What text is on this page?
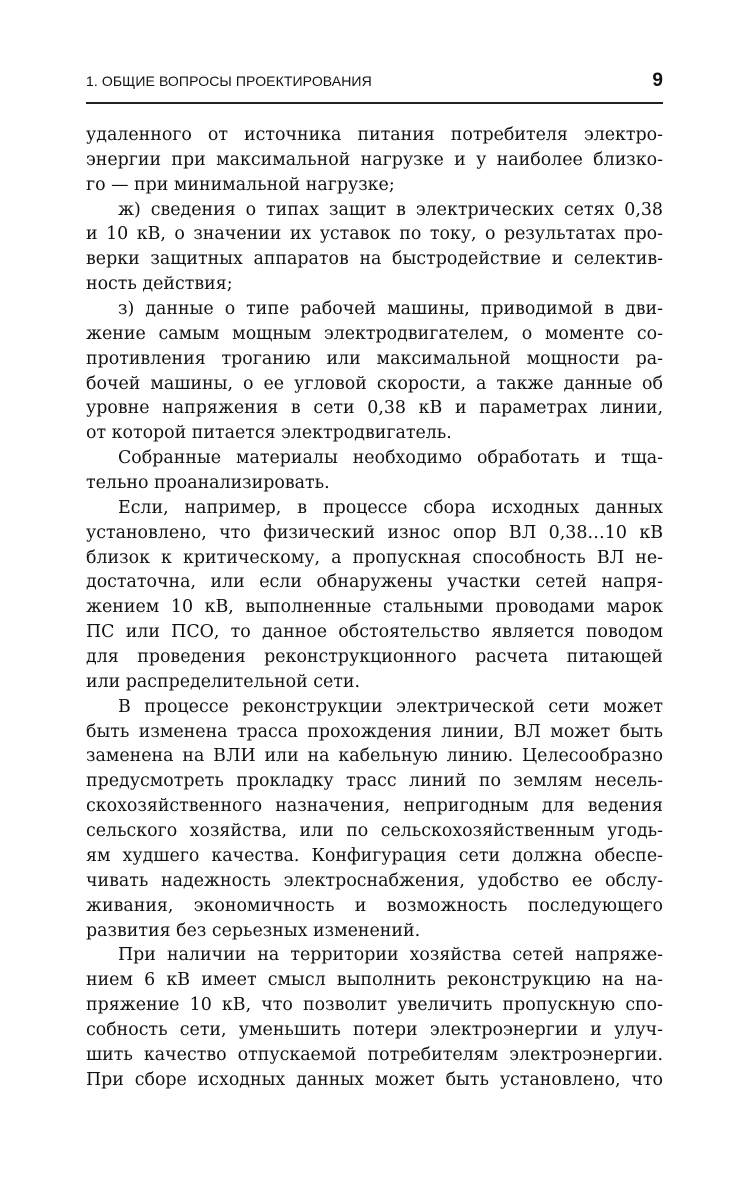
1. ОБЩИЕ ВОПРОСЫ ПРОЕКТИРОВАНИЯ	9
удаленного от источника питания потребителя электро-
энергии при максимальной нагрузке и у наиболее близко-
го — при минимальной нагрузке;
ж) сведения о типах защит в электрических сетях 0,38
и 10 кВ, о значении их уставок по току, о результатах про-
верки защитных аппаратов на быстродействие и селектив-
ность действия;
з) данные о типе рабочей машины, приводимой в дви-
жение самым мощным электродвигателем, о моменте со-
противления троганию или максимальной мощности ра-
бочей машины, о ее угловой скорости, а также данные об
уровне напряжения в сети 0,38 кВ и параметрах линии,
от которой питается электродвигатель.
Собранные материалы необходимо обработать и тща-
тельно проанализировать.
Если, например, в процессе сбора исходных данных
установлено, что физический износ опор ВЛ 0,38…10 кВ
близок к критическому, а пропускная способность ВЛ не-
достаточна, или если обнаружены участки сетей напря-
жением 10 кВ, выполненные стальными проводами марок
ПС или ПСО, то данное обстоятельство является поводом
для проведения реконструкционного расчета питающей
или распределительной сети.
В процессе реконструкции электрической сети может
быть изменена трасса прохождения линии, ВЛ может быть
заменена на ВЛИ или на кабельную линию. Целесообразно
предусмотреть прокладку трасс линий по землям несель-
скохозяйственного назначения, непригодным для ведения
сельского хозяйства, или по сельскохозяйственным угодь-
ям худшего качества. Конфигурация сети должна обеспе-
чивать надежность электроснабжения, удобство ее обслу-
живания, экономичность и возможность последующего
развития без серьезных изменений.
При наличии на территории хозяйства сетей напряже-
нием 6 кВ имеет смысл выполнить реконструкцию на на-
пряжение 10 кВ, что позволит увеличить пропускную спо-
собность сети, уменьшить потери электроэнергии и улуч-
шить качество отпускаемой потребителям электроэнергии.
При сборе исходных данных может быть установлено, что
